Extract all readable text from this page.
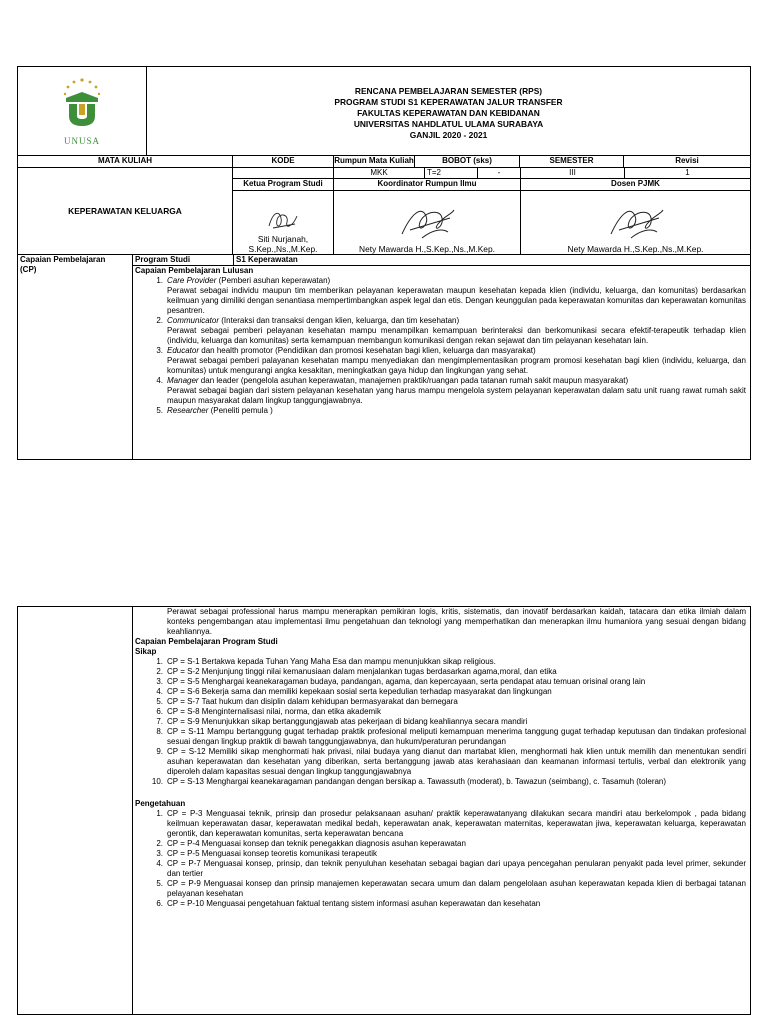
UNUSA	RENCANA PEMBELAJARAN SEMESTER (RPS)
PROGRAM STUDI S1 KEPERAWATAN JALUR TRANSFER
FAKULTAS KEPERAWATAN DAN KEBIDANAN
UNIVERSITAS NAHDLATUL ULAMA SURABAYA
GANJIL 2020 - 2021					

MATA KULIAH		KODE	Rumpun Mata Kuliah	BOBOT (sks)	SEMESTER	Revisi
KEPERAWATAN KELUARGA		MKK	T=2	-	III	1
	Ketua Program Studi	Koordinator Rumpun Ilmu			Dosen PJMK	

	Siti Nurjanah,
S.Kep.,Ns.,M.Kep.	Nety Mawarda H.,S.Kep.,Ns.,M.Kep.			Nety Mawarda H.,S.Kep.,Ns.,M.Kep.	
Capaian Pembelajaran
(CP)
	Program Studi	S1 Keperawatan

Capaian Pembelajaran Lulusan
1. Care Provider (Pemberi asuhan keperawatan)
Perawat sebagai individu maupun tim memberikan pelayanan keperawatan maupun kesehatan kepada klien (individu, keluarga, dan komunitas) berdasarkan keilmuan yang dimiliki dengan senantiasa mempertimbangkan aspek legal dan etis. Dengan keunggulan pada keperawatan komunitas dan keperawatan komunitas pesantren.
2. Communicator (Interaksi dan transaksi dengan klien, keluarga, dan tim kesehatan)
Perawat sebagai pemberi pelayanan kesehatan mampu menampilkan kemampuan berinteraksi dan berkomunikasi secara efektif-terapeutik terhadap klien (individu, keluarga dan komunitas) serta kemampuan membangun komunikasi dengan rekan sejawat dan tim pelayanan kesehatan lain.
3. Educator dan health promotor (Pendidikan dan promosi kesehatan bagi klien, keluarga dan masyarakat)
Perawat sebagai pemberi palayanan kesehatan mampu menyediakan dan mengimplementasikan program promosi kesehatan bagi klien (individu, keluarga, dan komunitas) untuk mengurangi angka kesakitan, meningkatkan gaya hidup dan lingkungan yang sehat.
4. Manager dan leader (pengelola asuhan keperawatan, manajemen praktik/ruangan pada tatanan rumah sakit maupun masyarakat)
Perawat sebagai bagian dari sistem pelayanan kesehatan yang harus mampu mengelola system pelayanan keperawatan dalam satu unit ruang rawat rumah sakit maupun masyarakat dalam lingkup tanggungjawabnya.
5. Researcher (Peneliti pemula )

Perawat sebagai professional harus mampu menerapkan pemikiran logis, kritis, sistematis, dan inovatif berdasarkan kaidah, tatacara dan etika ilmiah dalam konteks pengembangan atau implementasi ilmu pengetahuan dan teknologi yang memperhatikan dan menerapkan ilmu humaniora yang sesuai dengan bidang keahliannya.
Capaian Pembelajaran Program Studi
Sikap
1. CP = S-1 Bertakwa kepada Tuhan Yang Maha Esa dan mampu menunjukkan sikap religious.
2. CP = S-2 Menjunjung tinggi nilai kemanusiaan dalam menjalankan tugas berdasarkan agama,moral, dan etika
3. CP = S-5 Menghargai keanekaragaman budaya, pandangan, agama, dan kepercayaan, serta pendapat atau temuan orisinal orang lain
4. CP = S-6 Bekerja sama dan memiliki kepekaan sosial serta kepedulian terhadap masyarakat dan lingkungan
5. CP = S-7 Taat hukum dan disiplin dalam kehidupan bermasyarakat dan bernegara
6. CP = S-8 Menginternalisasi nilai, norma, dan etika akademik
7. CP = S-9 Menunjukkan sikap bertanggungjawab atas pekerjaan di bidang keahliannya secara mandiri
8. CP = S-11 Mampu bertanggung gugat terhadap praktik profesional meliputi kemampuan menerima tanggung gugat terhadap keputusan dan tindakan profesional sesuai dengan lingkup praktik di bawah tanggungjawabnya, dan hukum/peraturan perundangan
9. CP = S-12 Memiliki sikap menghormati hak privasi, nilai budaya yang dianut dan martabat klien, menghormati hak klien untuk memilih dan menentukan sendiri asuhan keperawatan dan kesehatan yang diberikan, serta bertanggung jawab atas kerahasiaan dan keamanan informasi tertulis, verbal dan elektronik yang diperoleh dalam kapasitas sesuai dengan lingkup tanggungjawabnya
10. CP = S-13 Menghargai keanekaragaman pandangan dengan bersikap a. Tawassuth (moderat), b. Tawazun (seimbang), c. Tasamuh (toleran)
Pengetahuan
1. CP = P-3 Menguasai teknik, prinsip dan prosedur pelaksanaan asuhan/ praktik keperawatanyang dilakukan secara mandiri atau berkelompok , pada bidang keilmuan keperawatan dasar, keperawatan medikal bedah, keperawatan anak, keperawatan maternitas, keperawatan jiwa, keperawatan keluarga, keperawatan gerontik, dan keperawatan komunitas, serta keperawatan bencana
2. CP = P-4 Menguasai konsep dan teknik penegakkan diagnosis asuhan keperawatan
3. CP = P-5 Menguasai konsep teoretis komunikasi terapeutik
4. CP = P-7 Menguasai konsep, prinsip, dan teknik penyuluhan kesehatan sebagai bagian dari upaya pencegahan penularan penyakit pada level primer, sekunder dan tertier
5. CP = P-9 Menguasai konsep dan prinsip manajemen keperawatan secara umum dan dalam pengelolaan asuhan keperawatan kepada klien di berbagai tatanan pelayanan kesehatan
6. CP = P-10 Menguasai pengetahuan faktual tentang sistem informasi asuhan keperawatan dan kesehatan
